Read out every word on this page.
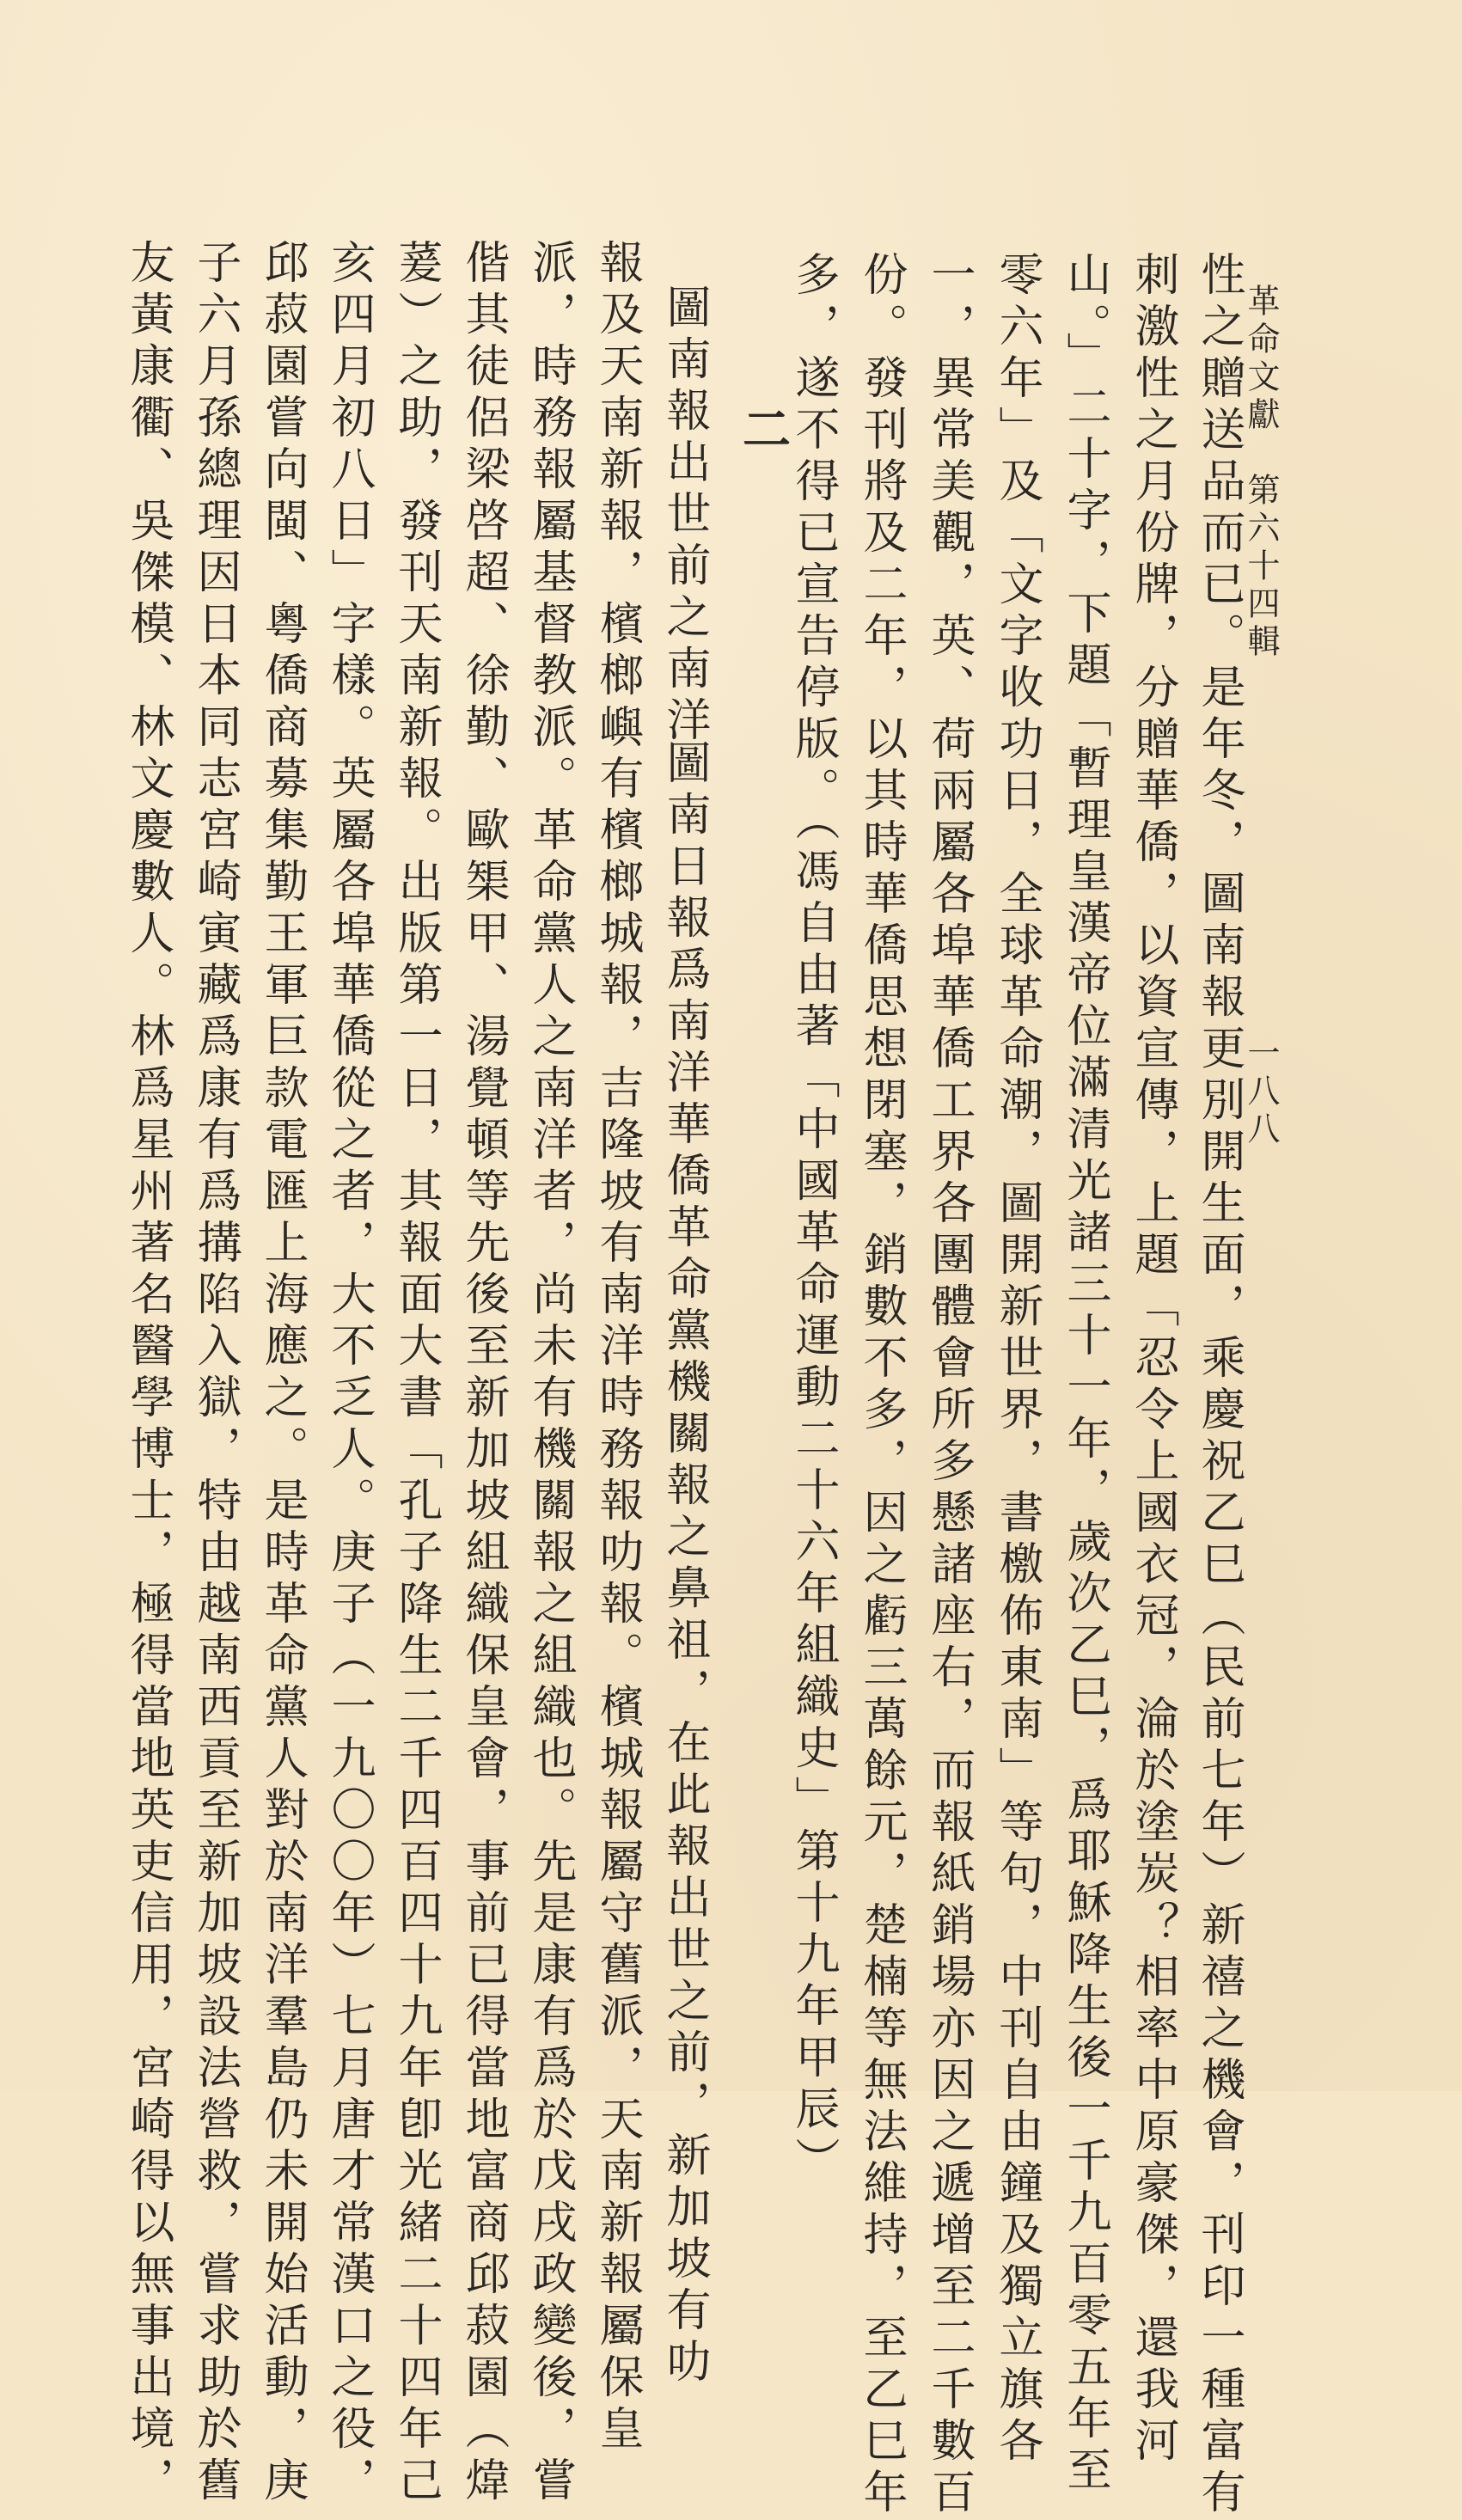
革命文獻　第六十四輯
一八八
性之贈送品而已。是年冬，圖南報更別開生面，乘慶祝乙巳（民前七年）新禧之機會，刊印一種富有
刺激性之月份牌，分贈華僑，以資宣傳，上題「忍令上國衣冠，淪於塗炭？相率中原豪傑，還我河
山。」二十字，下題「暫理皇漢帝位滿清光諸三十一年，歲次乙巳，爲耶穌降生後一千九百零五年至
零六年」及「文字收功日，全球革命潮，圖開新世界，書檄佈東南」等句，中刊自由鐘及獨立旗各
一，異常美觀，英、荷兩屬各埠華僑工界各團體會所多懸諸座右，而報紙銷場亦因之遞增至二千數百
份。發刊將及二年，以其時華僑思想閉塞，銷數不多，因之虧三萬餘元，楚楠等無法維持，至乙巳年
多，遂不得已宣告停版。（馮自由著「中國革命運動二十六年組織史」第十九年甲辰）
二
圖南報出世前之南洋
圖南日報爲南洋華僑革命黨機關報之鼻祖，在此報出世之前，新加坡有叻
報及天南新報，檳榔嶼有檳榔城報，吉隆坡有南洋時務報叻報。檳城報屬守舊派，天南新報屬保皇
派，時務報屬基督教派。革命黨人之南洋者，尚未有機關報之組織也。先是康有爲於戊戌政變後，嘗
偕其徒侶梁啓超、徐勤、歐榘甲、湯覺頓等先後至新加坡組織保皇會，事前已得當地富商邱菽園（煒
萲）之助，發刊天南新報。出版第一日，其報面大書「孔子降生二千四百四十九年卽光緒二十四年己
亥四月初八日」字樣。英屬各埠華僑從之者，大不乏人。庚子（一九〇〇年）七月唐才常漢口之役，
邱菽園嘗向閩、粵僑商募集勤王軍巨款電匯上海應之。是時革命黨人對於南洋羣島仍未開始活動，庚
子六月孫總理因日本同志宮崎寅藏爲康有爲搆陷入獄，特由越南西貢至新加坡設法營救，嘗求助於舊
友黃康衢、吳傑模、林文慶數人。林爲星州著名醫學博士，極得當地英吏信用，宮崎得以無事出境，
